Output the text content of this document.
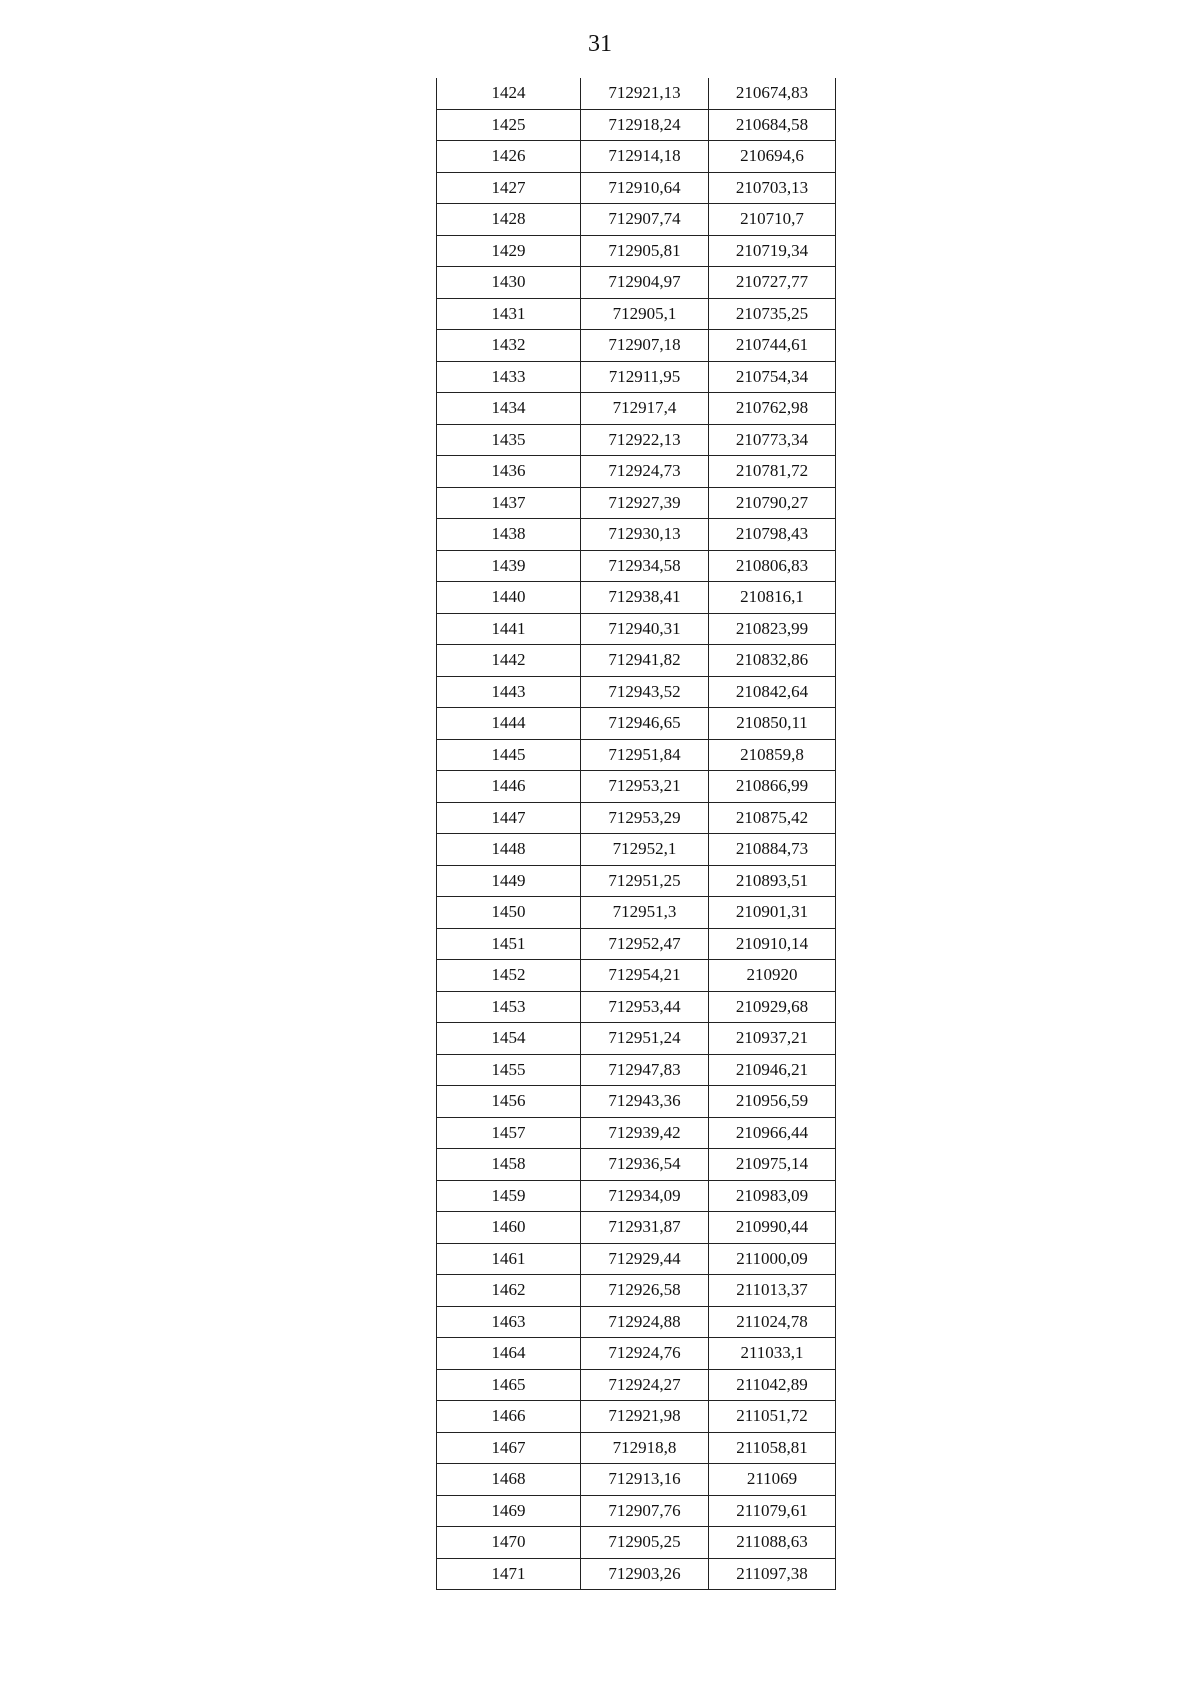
31
1424	712921,13	210674,83
1425	712918,24	210684,58
1426	712914,18	210694,6
1427	712910,64	210703,13
1428	712907,74	210710,7
1429	712905,81	210719,34
1430	712904,97	210727,77
1431	712905,1	210735,25
1432	712907,18	210744,61
1433	712911,95	210754,34
1434	712917,4	210762,98
1435	712922,13	210773,34
1436	712924,73	210781,72
1437	712927,39	210790,27
1438	712930,13	210798,43
1439	712934,58	210806,83
1440	712938,41	210816,1
1441	712940,31	210823,99
1442	712941,82	210832,86
1443	712943,52	210842,64
1444	712946,65	210850,11
1445	712951,84	210859,8
1446	712953,21	210866,99
1447	712953,29	210875,42
1448	712952,1	210884,73
1449	712951,25	210893,51
1450	712951,3	210901,31
1451	712952,47	210910,14
1452	712954,21	210920
1453	712953,44	210929,68
1454	712951,24	210937,21
1455	712947,83	210946,21
1456	712943,36	210956,59
1457	712939,42	210966,44
1458	712936,54	210975,14
1459	712934,09	210983,09
1460	712931,87	210990,44
1461	712929,44	211000,09
1462	712926,58	211013,37
1463	712924,88	211024,78
1464	712924,76	211033,1
1465	712924,27	211042,89
1466	712921,98	211051,72
1467	712918,8	211058,81
1468	712913,16	211069
1469	712907,76	211079,61
1470	712905,25	211088,63
1471	712903,26	211097,38
